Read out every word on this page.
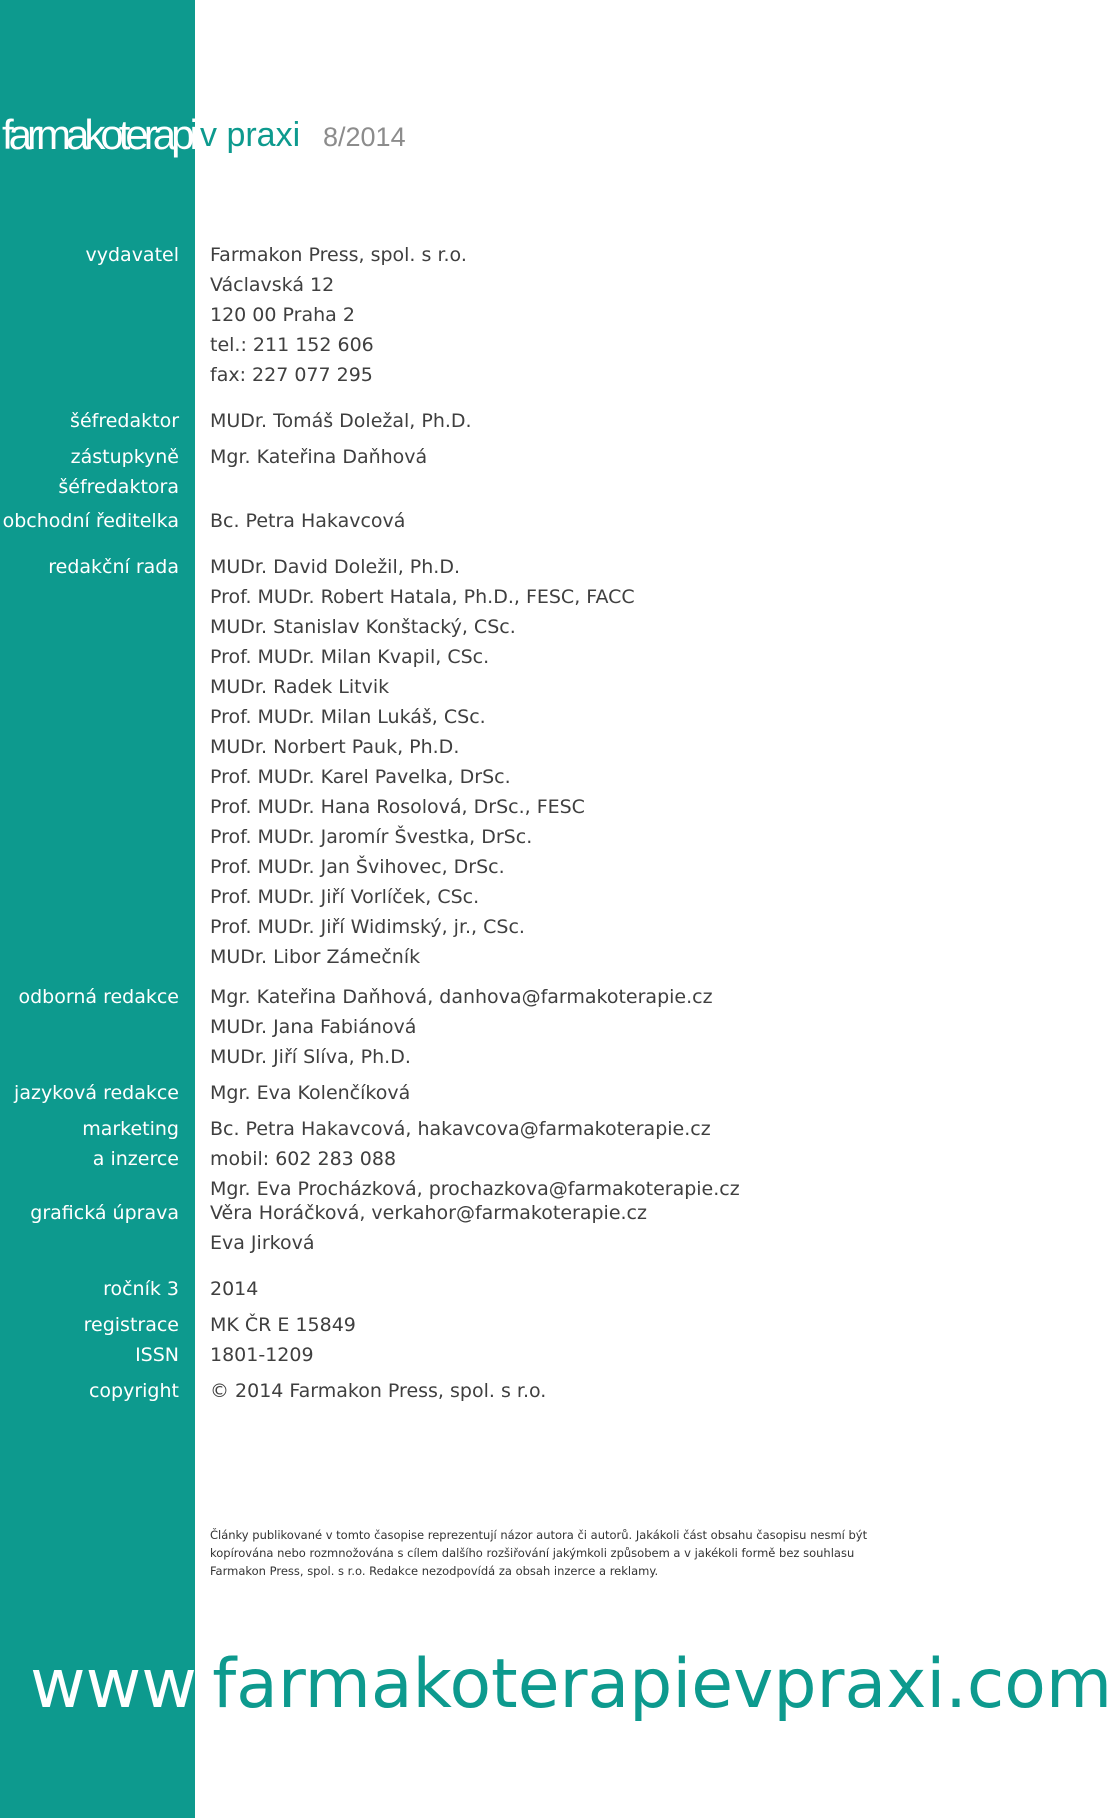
farmakoterapie
v praxi 8/2014
vydavatel Farmakon Press, spol. s r.o.
Václavská 12
120 00 Praha 2
tel.: 211 152 606
fax: 227 077 295
šéfredaktor MUDr. Tomáš Doležal, Ph.D.
zástupkyně
šéfredaktora
Mgr. Kateřina Daňhová
obchodní ředitelka Bc. Petra Hakavcová
redakční rada MUDr. David Doležil, Ph.D.
Prof. MUDr. Robert Hatala, Ph.D., FESC, FACC
MUDr. Stanislav Konštacký, CSc.
Prof. MUDr. Milan Kvapil, CSc.
MUDr. Radek Litvik
Prof. MUDr. Milan Lukáš, CSc.
MUDr. Norbert Pauk, Ph.D.
Prof. MUDr. Karel Pavelka, DrSc.
Prof. MUDr. Hana Rosolová, DrSc., FESC
Prof. MUDr. Jaromír Švestka, DrSc.
Prof. MUDr. Jan Švihovec, DrSc.
Prof. MUDr. Jiří Vorlíček, CSc.
Prof. MUDr. Jiří Widimský, jr., CSc.
MUDr. Libor Zámečník
odborná redakce Mgr. Kateřina Daňhová, danhova@farmakoterapie.cz
MUDr. Jana Fabiánová
MUDr. Jiří Slíva, Ph.D.
jazyková redakce Mgr. Eva Kolenčíková
marketing
a inzerce
Bc. Petra Hakavcová, hakavcova@farmakoterapie.cz
mobil: 602 283 088
Mgr. Eva Procházková, prochazkova@farmakoterapie.cz
grafická úprava Věra Horáčková, verkahor@farmakoterapie.cz
Eva Jirková
ročník 3 2014
registrace
ISSN
MK ČR E 15849
1801-1209
copyright © 2014 Farmakon Press, spol. s r.o.
Články publikované v tomto časopise reprezentují názor autora či autorů. Jakákoli část obsahu časopisu nesmí být kopírována nebo rozmnožována s cílem dalšího rozšiřování jakýmkoli způsobem a v jakékoli formě bez souhlasu Farmakon Press, spol. s r.o. Redakce nezodpovídá za obsah inzerce a reklamy.
www.farmakoterapievpraxi.com
